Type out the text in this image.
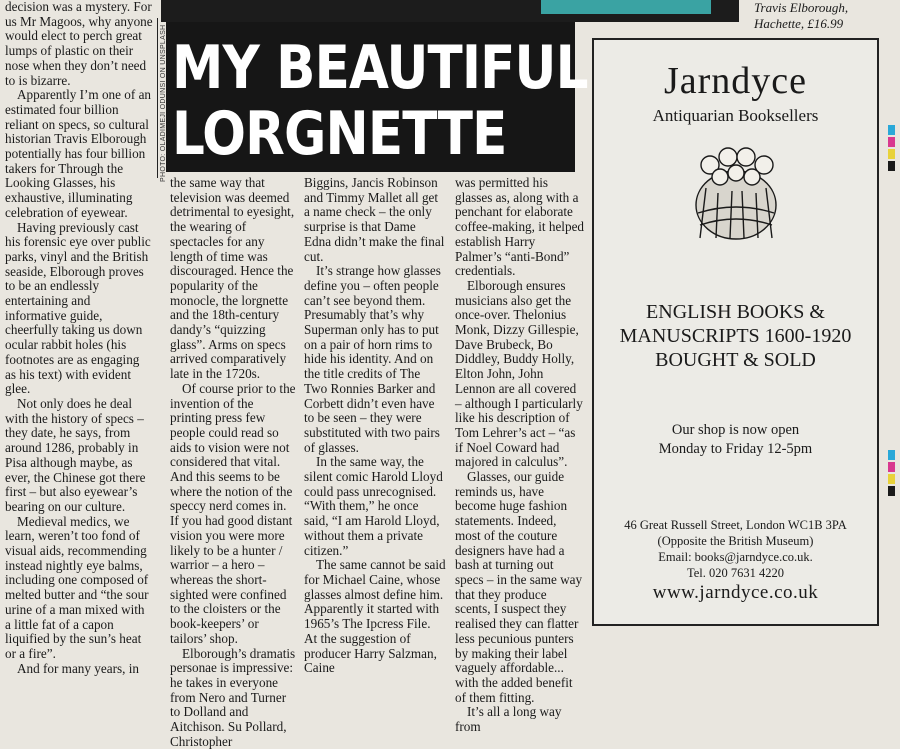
Travis Elborough,
Hachette, £16.99
MY BEAUTIFUL
LORGNETTE
PHOTO: OLADIMEJI ODUNSI ON UNSPLASH

decision was a mystery. For us Mr Magoos, why anyone would elect to perch great lumps of plastic on their nose when they don’t need to is bizarre.

Apparently I’m one of an estimated four billion reliant on specs, so cultural historian Travis Elborough potentially has four billion takers for Through the Looking Glasses, his exhaustive, illuminating celebration of eyewear.

Having previously cast his forensic eye over public parks, vinyl and the British seaside, Elborough proves to be an endlessly entertaining and informative guide, cheerfully taking us down ocular rabbit holes (his footnotes are as engaging as his text) with evident glee.

Not only does he deal with the history of specs – they date, he says, from around 1286, probably in Pisa although maybe, as ever, the Chinese got there first – but also eyewear’s bearing on our culture.

Medieval medics, we learn, weren’t too fond of visual aids, recommending instead nightly eye balms, including one composed of melted butter and “the sour urine of a man mixed with a little fat of a capon liquified by the sun’s heat or a fire”.

And for many years, in

the same way that television was deemed detrimental to eyesight, the wearing of spectacles for any length of time was discouraged. Hence the popularity of the monocle, the lorgnette and the 18th-century dandy’s “quizzing glass”. Arms on specs arrived comparatively late in the 1720s.

Of course prior to the invention of the printing press few people could read so aids to vision were not considered that vital. And this seems to be where the notion of the speccy nerd comes in. If you had good distant vision you were more likely to be a hunter / warrior – a hero – whereas the short-sighted were confined to the cloisters or the book-keepers’ or tailors’ shop.

Elborough’s dramatis personae is impressive: he takes in everyone from Nero and Turner to Dolland and Aitchison. Su Pollard, Christopher

Biggins, Jancis Robinson and Timmy Mallet all get a name check – the only surprise is that Dame Edna didn’t make the final cut.

It’s strange how glasses define you – often people can’t see beyond them. Presumably that’s why Superman only has to put on a pair of horn rims to hide his identity. And on the title credits of The Two Ronnies Barker and Corbett didn’t even have to be seen – they were substituted with two pairs of glasses.

In the same way, the silent comic Harold Lloyd could pass unrecognised. “With them,” he once said, “I am Harold Lloyd, without them a private citizen.”

The same cannot be said for Michael Caine, whose glasses almost define him. Apparently it started with 1965’s The Ipcress File. At the suggestion of producer Harry Salzman, Caine

was permitted his glasses as, along with a penchant for elaborate coffee-making, it helped establish Harry Palmer’s “anti-Bond” credentials.

Elborough ensures musicians also get the once-over. Thelonius Monk, Dizzy Gillespie, Dave Brubeck, Bo Diddley, Buddy Holly, Elton John, John Lennon are all covered – although I particularly like his description of Tom Lehrer’s act – “as if Noel Coward had majored in calculus”.

Glasses, our guide reminds us, have become huge fashion statements. Indeed, most of the couture designers have had a bash at turning out specs – in the same way that they produce scents, I suspect they realised they can flatter less pecunious punters by making their label vaguely affordable... with the added benefit of them fitting.

It’s all a long way from

Jarndyce
Antiquarian Booksellers
ENGLISH BOOKS &
MANUSCRIPTS 1600-1920
BOUGHT & SOLD
Our shop is now open
Monday to Friday 12-5pm
46 Great Russell Street, London WC1B 3PA
(Opposite the British Museum)
Email: books@jarndyce.co.uk.
Tel. 020 7631 4220
www.jarndyce.co.uk
